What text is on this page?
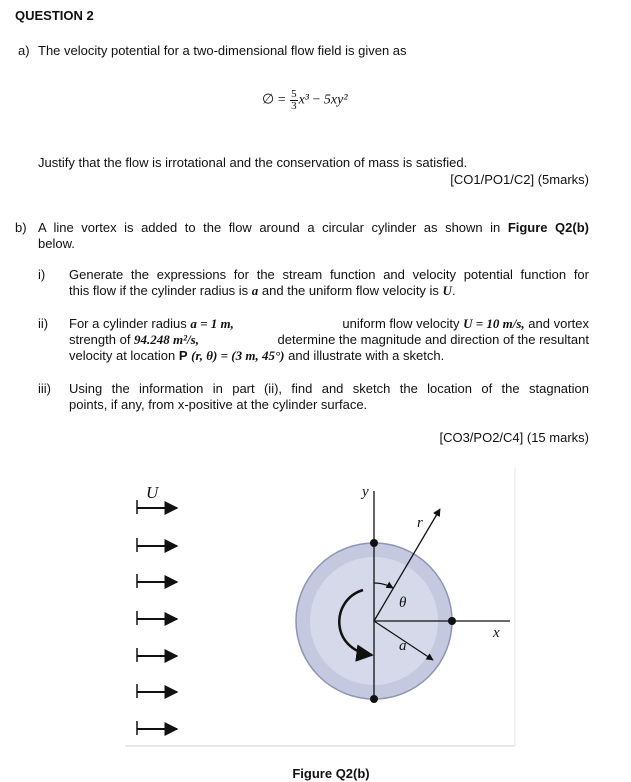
QUESTION 2
a) The velocity potential for a two-dimensional flow field is given as
∅ = $\frac{5}{3} x^3 - 5xy^2$
Justify that the flow is irrotational and the conservation of mass is satisfied.
[CO1/PO1/C2] (5marks)
b) A line vortex is added to the flow around a circular cylinder as shown in Figure Q2(b)
below.
i) Generate the expressions for the stream function and velocity potential function for
this flow if the cylinder radius is a and the uniform flow velocity is U.
ii) For a cylinder radius a = 1 m,	uniform flow velocity U = 10 m/s, and vortex
strength of 94.248 m²/s,	determine the magnitude and direction of the resultant
velocity at location P (r, θ) = (3 m, 45°) and illustrate with a sketch.
iii) Using the information in part (ii), find and sketch the location of the stagnation
points, if any, from x-positive at the cylinder surface.
[CO3/PO2/C4] (15 marks)
U	y
x
r
θ
a
Figure Q2(b)
